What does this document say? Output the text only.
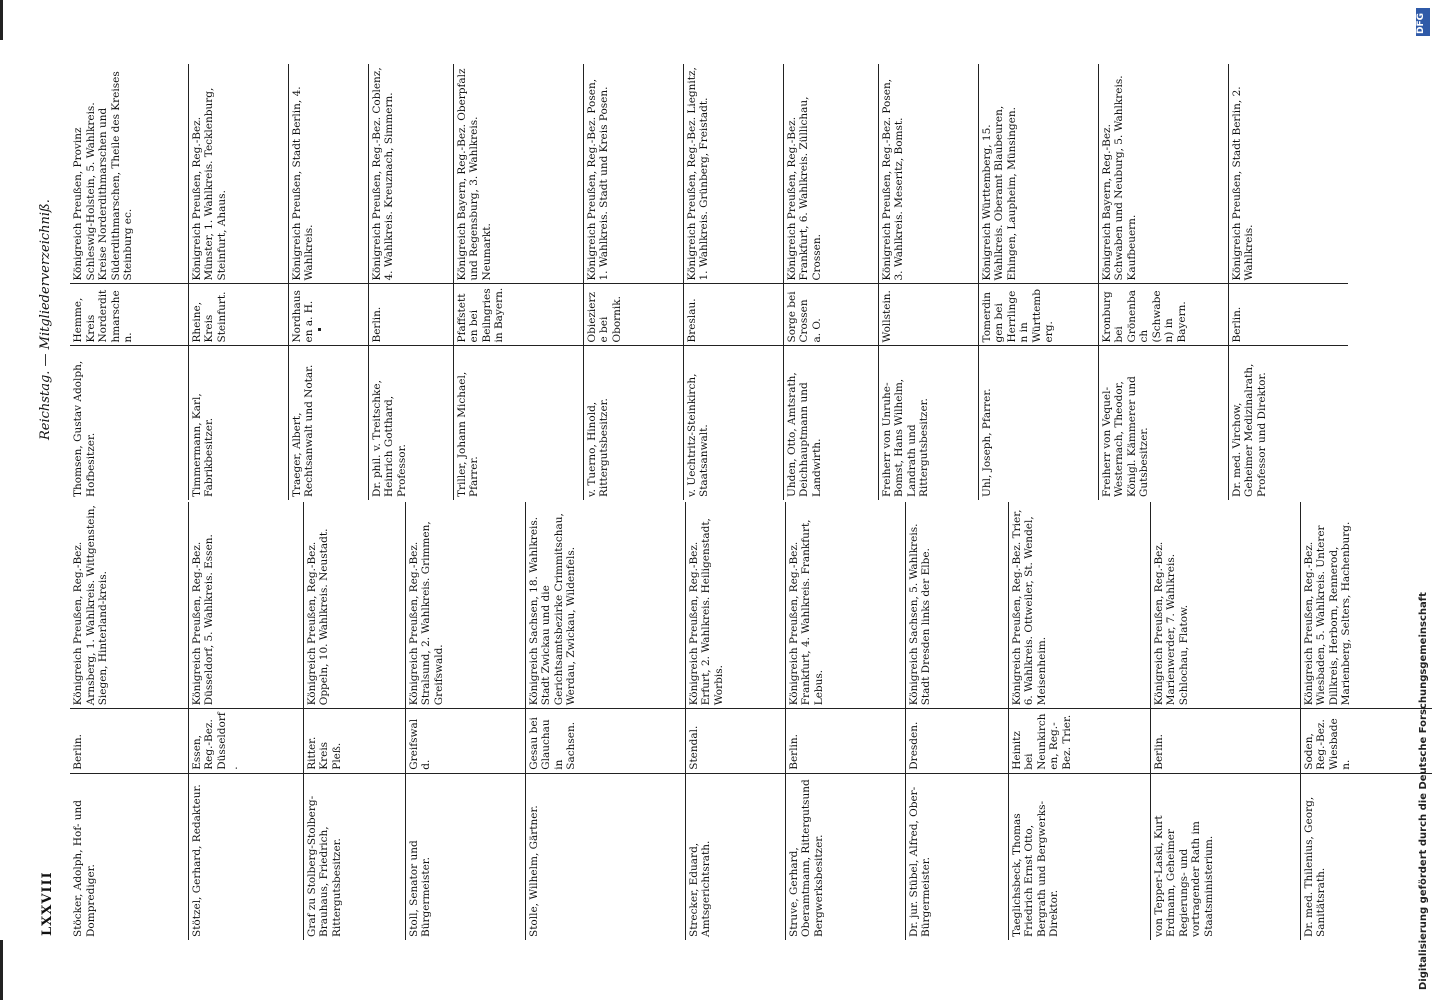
LXXVIII
Reichstag. — Mitgliederverzeichniß.
Stöcker, Adolph, Hof- und Domprediger.	Berlin.	Königreich Preußen, Reg.-Bez. Arnsberg, 1. Wahlkreis. Wittgenstein, Siegen, Hinterland-kreis.
Stötzel, Gerhard, Redakteur.	Essen, Reg.-Bez. Düsseldorf.	Königreich Preußen, Reg.-Bez. Düsseldorf, 5. Wahlkreis. Essen.
Graf zu Stolberg-Stolberg-Brauhaus, Friedrich, Rittergutsbesitzer.	Ritter. Kreis Pleß.	Königreich Preußen, Reg.-Bez. Oppeln, 10. Wahlkreis. Neustadt.
Stoll, Senator und Bürgermeister.	Greifswald.	Königreich Preußen, Reg.-Bez. Stralsund, 2. Wahlkreis. Grimmen, Greifswald.
Stolle, Wilhelm, Gärtner.	Gesau bei Glauchau in Sachsen.	Königreich Sachsen, 18. Wahlkreis. Stadt Zwickau und die Gerichtsamtsbezirke Crimmitschau, Werdau, Zwickau, Wildenfels.
Strecker, Eduard, Amtsgerichtsrath.	Stendal.	Königreich Preußen, Reg.-Bez. Erfurt, 2. Wahlkreis. Heiligenstadt, Worbis.
Struve, Gerhard, Oberamtmann, Rittergutsund Bergwerksbesitzer.	Berlin.	Königreich Preußen, Reg.-Bez. Frankfurt, 4. Wahlkreis. Frankfurt, Lebus.
Dr. jur. Stübel, Alfred, Ober-Bürgermeister.	Dresden.	Königreich Sachsen, 5. Wahlkreis. Stadt Dresden links der Elbe.
Taeglichsbeck, Thomas Friedrich Ernst Otto, Bergrath und Bergwerks-Direktor.	Heinitz bei Neunkirchen, Reg.-Bez. Trier.	Königreich Preußen, Reg.-Bez. Trier, 6. Wahlkreis. Ottweiler, St. Wendel, Meisenheim.
von Tepper-Laski, Kurt Erdmann, Geheimer Regierungs- und vortragender Rath im Staatsministerium.	Berlin.	Königreich Preußen, Reg.-Bez. Marienwerder, 7. Wahlkreis. Schlochau, Flatow.
Dr. med. Thilenius, Georg, Sanitätsrath.	Soden, Reg.-Bez. Wiesbaden.	Königreich Preußen, Reg.-Bez. Wiesbaden, 5. Wahlkreis. Unterer Dillkreis, Herborn, Rennerod, Marienberg, Selters, Hachenburg.
Thomsen, Gustav Adolph, Hofbesitzer.	Hemme, Kreis Norderdithmarschen.	Königreich Preußen, Provinz Schleswig-Holstein, 5. Wahlkreis. Kreise Norderdithmarschen und Süderdithmarschen, Theile des Kreises Steinburg ec.
Timmermann, Karl, Fabrikbesitzer.	Rheine, Kreis Steinfurt.	Königreich Preußen, Reg.-Bez. Münster, 1. Wahlkreis. Tecklenburg, Steinfurt, Ahaus.
Traeger, Albert, Rechtsanwalt und Notar.	Nordhausen a. H.	Königreich Preußen, Stadt Berlin, 4. Wahlkreis.
Dr. phil. v. Treitschke, Heinrich Gotthard, Professor.	Berlin.	Königreich Preußen, Reg.-Bez. Coblenz, 4. Wahlkreis. Kreuznach, Simmern.
Triller, Johann Michael, Pfarrer.	Pfaffstetten bei Beilngries in Bayern.	Königreich Bayern, Reg.-Bez. Oberpfalz und Regensburg, 3. Wahlkreis. Neumarkt.
v. Tuerno, Hinold, Rittergutsbesitzer.	Obiezierze bei Obornik.	Königreich Preußen, Reg.-Bez. Posen, 1. Wahlkreis. Stadt und Kreis Posen.
v. Uechtritz-Steinkirch, Staatsanwalt.	Breslau.	Königreich Preußen, Reg.-Bez. Liegnitz, 1. Wahlkreis. Grünberg, Freistadt.
Uhden, Otto, Amtsrath, Deichhauptmann und Landwirth.	Sorge bei Crossen a. O.	Königreich Preußen, Reg.-Bez. Frankfurt, 6. Wahlkreis. Züllichau, Crossen.
Freiherr von Unruhe-Bomst, Hans Wilhelm, Landrath und Rittergutsbesitzer.	Wollstein.	Königreich Preußen, Reg.-Bez. Posen, 3. Wahlkreis. Meseritz, Bomst.
Uhl, Joseph, Pfarrer.	Tomerdingen bei Herrlingen in Württemberg.	Königreich Württemberg, 15. Wahlkreis. Oberamt Blaubeuren, Ehingen, Laupheim, Münsingen.
Freiherr von Vequel-Westernach, Theodor, Königl. Kämmerer und Gutsbesitzer.	Kronburg bei Grönenbach (Schwaben) in Bayern.	Königreich Bayern, Reg.-Bez. Schwaben und Neuburg, 5. Wahlkreis. Kaufbeuern.
Dr. med. Virchow, Geheimer Medizinalrath, Professor und Direktor.	Berlin.	Königreich Preußen, Stadt Berlin, 2. Wahlkreis.
DFG
Digitalisierung gefördert durch die Deutsche Forschungsgemeinschaft
